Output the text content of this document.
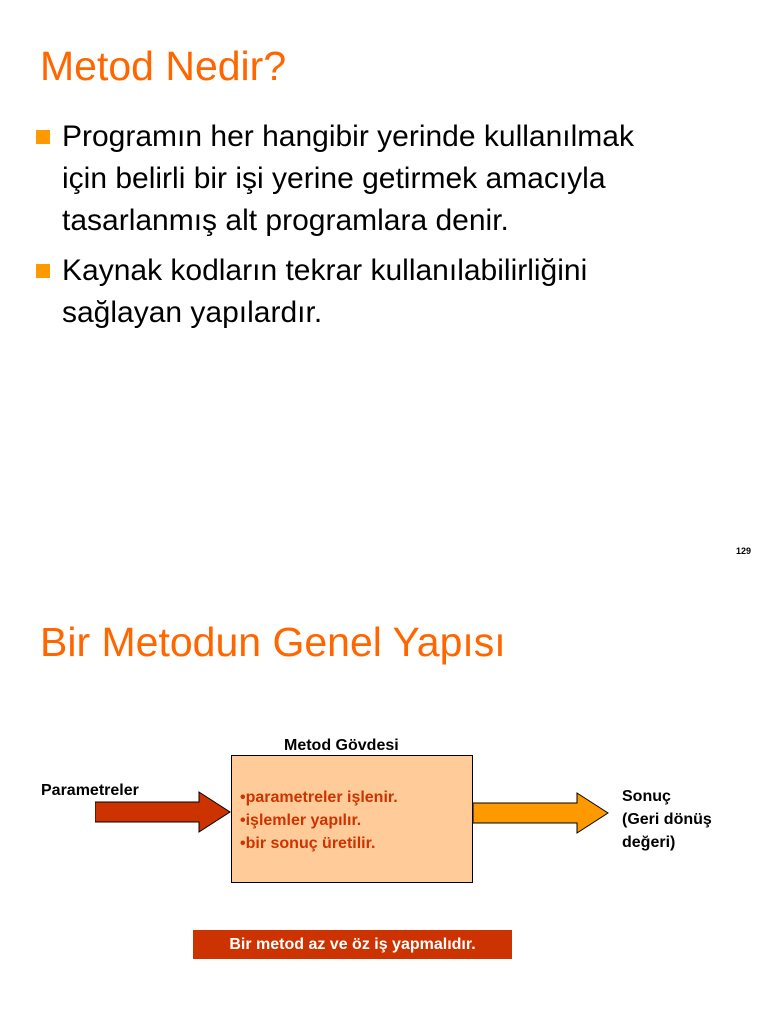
Metod Nedir?
Programın her hangibir yerinde kullanılmak
için belirli bir işi yerine getirmek amacıyla
tasarlanmış alt programlara denir.
Kaynak kodların tekrar kullanılabilirliğini
sağlayan yapılardır.
129
Bir Metodun Genel Yapısı
Parametreler
Metod Gövdesi
•parametreler işlenir.
•işlemler yapılır.
•bir sonuç üretilir.
Sonuç
(Geri dönüş
değeri)
Bir metod az ve öz iş yapmalıdır.
